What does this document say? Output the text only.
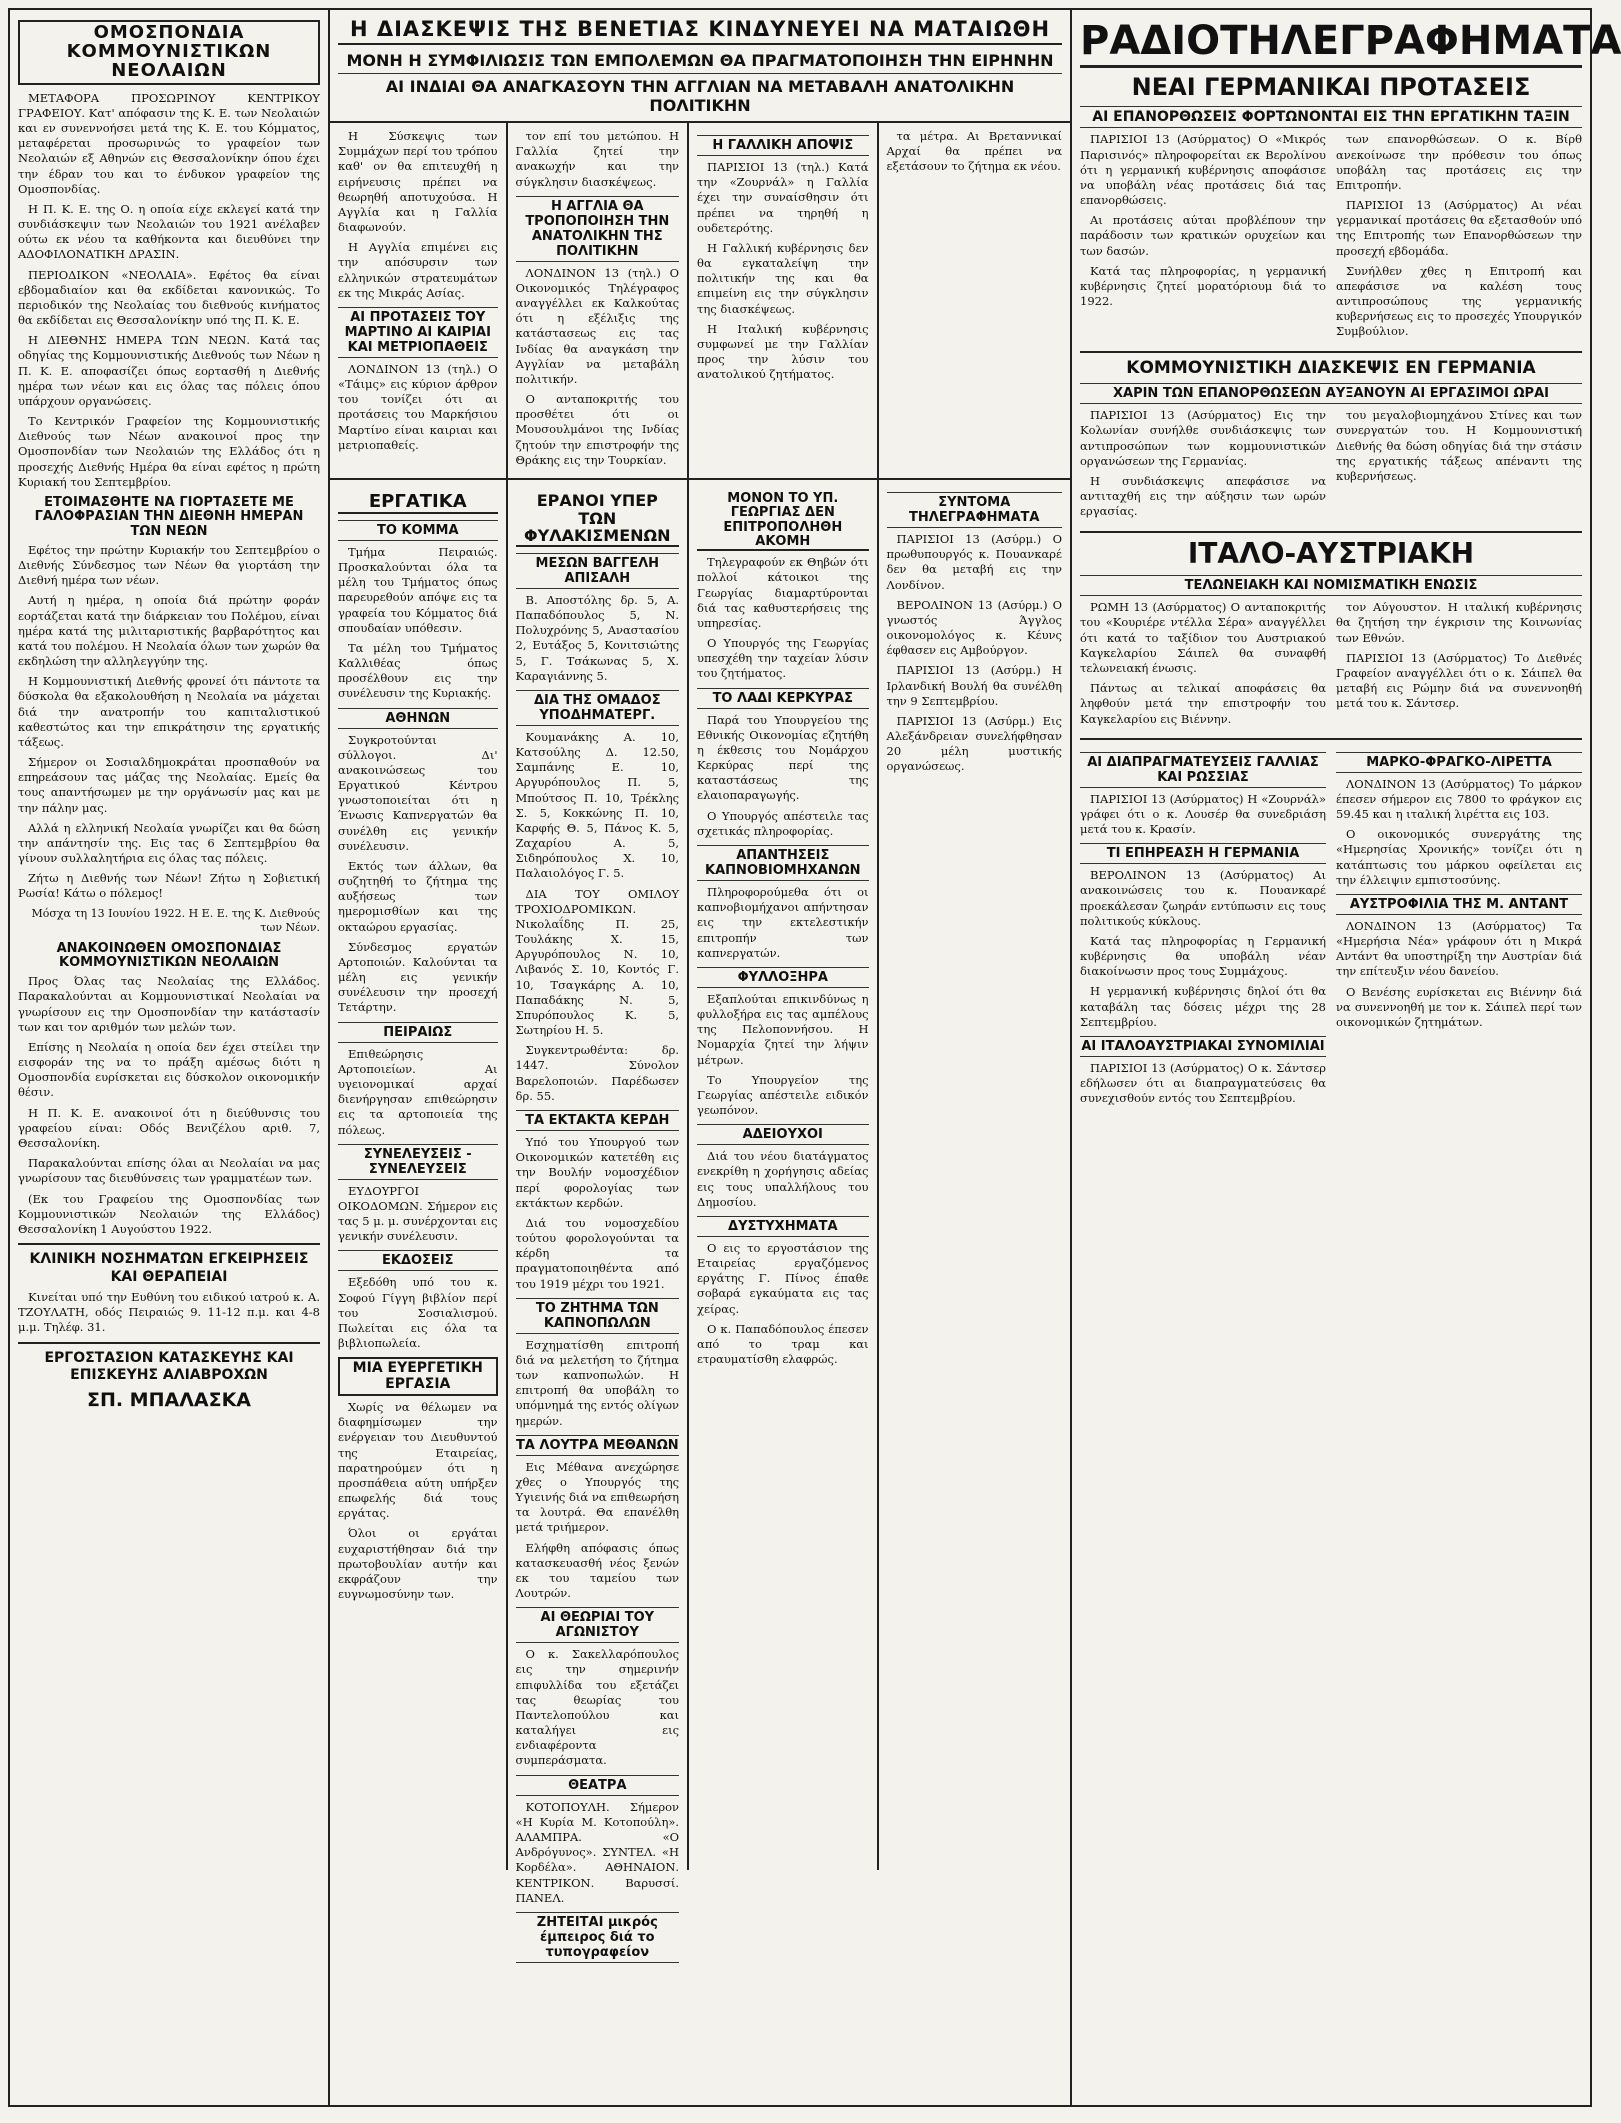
ΟΜΟΣΠΟΝΔΙΑ ΚΟΜΜΟΥΝΙΣΤΙΚΩΝ ΝΕΟΛΑΙΩΝ

ΜΕΤΑΦΟΡΑ ΠΡΟΣΩΡΙΝΟΥ ΚΕΝΤΡΙΚΟΥ ΓΡΑΦΕΙΟΥ. Κατ' απόφασιν της Κ. Ε. των Νεολαιών και εν συνεννοήσει μετά της Κ. Ε. του Κόμματος, μεταφέρεται προσωρινώς το γραφείον των Νεολαιών εξ Αθηνών εις Θεσσαλονίκην όπου έχει την έδραν του και το ένδυκον γραφείον της Ομοσπονδίας.

Η Π. Κ. Ε. της Ο. η οποία είχε εκλεγεί κατά την συνδιάσκεψιν των Νεολαιών του 1921 ανέλαβεν ούτω εκ νέου τα καθήκοντα και διευθύνει την ΑΔΟΦΙΛΟΝΑΤΙΚΗ ΔΡΑΣΙΝ.

ΠΕΡΙΟΔΙΚΟΝ «ΝΕΟΛΑΙΑ». Εφέτος θα είναι εβδομαδιαίον και θα εκδίδεται κανονικώς. Το περιοδικόν της Νεολαίας του διεθνούς κινήματος θα εκδίδεται εις Θεσσαλονίκην υπό της Π. Κ. Ε.

Η ΔΙΕΘΝΗΣ ΗΜΕΡΑ ΤΩΝ ΝΕΩΝ. Κατά τας οδηγίας της Κομμουνιστικής Διεθνούς των Νέων η Π. Κ. Ε. αποφασίζει όπως εορτασθή η Διεθνής ημέρα των νέων και εις όλας τας πόλεις όπου υπάρχουν οργανώσεις.

Το Κεντρικόν Γραφείον της Κομμουνιστικής Διεθνούς των Νέων ανακοινοί προς την Ομοσπονδίαν των Νεολαιών της Ελλάδος ότι η προσεχής Διεθνής Ημέρα θα είναι εφέτος η πρώτη Κυριακή του Σεπτεμβρίου.

ΕΤΟΙΜΑΣΘΗΤΕ ΝΑ ΓΙΟΡΤΑΣΕΤΕ ΜΕ ΓΑΛΟΦΡΑΣΙΑΝ ΤΗΝ ΔΙΕΘΝΗ ΗΜΕΡΑΝ ΤΩΝ ΝΕΩΝ

Εφέτος την πρώτην Κυριακήν του Σεπτεμβρίου ο Διεθνής Σύνδεσμος των Νέων θα γιορτάση την Διεθνή ημέρα των νέων.

Αυτή η ημέρα, η οποία διά πρώτην φοράν εορτάζεται κατά την διάρκειαν του Πολέμου, είναι ημέρα κατά της μιλιταριστικής βαρβαρότητος και κατά του πολέμου. Η Νεολαία όλων των χωρών θα εκδηλώση την αλληλεγγύην της.

Η Κομμουνιστική Διεθνής φρονεί ότι πάντοτε τα δύσκολα θα εξακολουθήση η Νεολαία να μάχεται διά την ανατροπήν του καπιταλιστικού καθεστώτος και την επικράτησιν της εργατικής τάξεως.

Σήμερον οι Σοσιαλδημοκράται προσπαθούν να επηρεάσουν τας μάζας της Νεολαίας. Εμείς θα τους απαντήσωμεν με την οργάνωσίν μας και με την πάλην μας.

Αλλά η ελληνική Νεολαία γνωρίζει και θα δώση την απάντησίν της. Εις τας 6 Σεπτεμβρίου θα γίνουν συλλαλητήρια εις όλας τας πόλεις.

Ζήτω η Διεθνής των Νέων! Ζήτω η Σοβιετική Ρωσία! Κάτω ο πόλεμος!

Μόσχα τη 13 Ιουνίου 1922. Η Ε. Ε. της Κ. Διεθνούς των Νέων.

ΑΝΑΚΟΙΝΩΘΕΝ ΟΜΟΣΠΟΝΔΙΑΣ ΚΟΜΜΟΥΝΙΣΤΙΚΩΝ ΝΕΟΛΑΙΩΝ

Προς Όλας τας Νεολαίας της Ελλάδος. Παρακαλούνται αι Κομμουνιστικαί Νεολαίαι να γνωρίσουν εις την Ομοσπονδίαν την κατάστασίν των και τον αριθμόν των μελών των.

Επίσης η Νεολαία η οποία δεν έχει στείλει την εισφοράν της να το πράξη αμέσως διότι η Ομοσπονδία ευρίσκεται εις δύσκολον οικονομικήν θέσιν.

Η Π. Κ. Ε. ανακοινοί ότι η διεύθυνσις του γραφείου είναι: Οδός Βενιζέλου αριθ. 7, Θεσσαλονίκη.

Παρακαλούνται επίσης όλαι αι Νεολαίαι να μας γνωρίσουν τας διευθύνσεις των γραμματέων των.

(Εκ του Γραφείου της Ομοσπονδίας των Κομμουνιστικών Νεολαιών της Ελλάδος) Θεσσαλονίκη 1 Αυγούστου 1922.

ΚΛΙΝΙΚΗ ΝΟΣΗΜΑΤΩΝ ΕΓΚΕΙΡΗΣΕΙΣ ΚΑΙ ΘΕΡΑΠΕΙΑΙ

Κινείται υπό την Ευθύνη του ειδικού ιατρού κ. Α. ΤΖΟΥΛΑΤΗ, οδός Πειραιώς 9. 11-12 π.μ. και 4-8 μ.μ. Τηλέφ. 31.

ΕΡΓΟΣΤΑΣΙΟΝ ΚΑΤΑΣΚΕΥΗΣ ΚΑΙ ΕΠΙΣΚΕΥΗΣ ΑΛΙΑΒΡΟΧΩΝ
ΣΠ. ΜΠΑΛΑΣΚΑ
Η ΔΙΑΣΚΕΨΙΣ ΤΗΣ ΒΕΝΕΤΙΑΣ ΚΙΝΔΥΝΕΥΕΙ ΝΑ ΜΑΤΑΙΩΘΗ
ΜΟΝΗ Η ΣΥΜΦΙΛΙΩΣΙΣ ΤΩΝ ΕΜΠΟΛΕΜΩΝ ΘΑ ΠΡΑΓΜΑΤΟΠΟΙΗΣΗ ΤΗΝ ΕΙΡΗΝΗΝ
ΑΙ ΙΝΔΙΑΙ ΘΑ ΑΝΑΓΚΑΣΟΥΝ ΤΗΝ ΑΓΓΛΙΑΝ ΝΑ ΜΕΤΑΒΑΛΗ ΑΝΑΤΟΛΙΚΗΝ ΠΟΛΙΤΙΚΗΝ

Η Σύσκεψις των Συμμάχων περί του τρόπου καθ' ον θα επιτευχθή η ειρήνευσις πρέπει να θεωρηθή αποτυχούσα. Η Αγγλία και η Γαλλία διαφωνούν.

Η Αγγλία επιμένει εις την απόσυρσιν των ελληνικών στρατευμάτων εκ της Μικράς Ασίας.

ΑΙ ΠΡΟΤΑΣΕΙΣ ΤΟΥ ΜΑΡΤΙΝΟ ΑΙ ΚΑΙΡΙΑΙ ΚΑΙ ΜΕΤΡΙΟΠΑΘΕΙΣ

ΛΟΝΔΙΝΟΝ 13 (τηλ.) Ο «Τάιμς» εις κύριον άρθρον του τονίζει ότι αι προτάσεις του Μαρκήσιου Μαρτίνο είναι καιριαι και μετριοπαθείς.

τον επί του μετώπου. Η Γαλλία ζητεί την ανακωχήν και την σύγκλησιν διασκέψεως.

Η ΑΓΓΛΙΑ ΘΑ ΤΡΟΠΟΠΟΙΗΣΗ ΤΗΝ ΑΝΑΤΟΛΙΚΗΝ ΤΗΣ ΠΟΛΙΤΙΚΗΝ

ΛΟΝΔΙΝΟΝ 13 (τηλ.) Ο Οικονομικός Τηλέγραφος αναγγέλλει εκ Καλκούτας ότι η εξέλιξις της κατάστασεως εις τας Ινδίας θα αναγκάση την Αγγλίαν να μεταβάλη πολιτικήν.

Ο ανταποκριτής του προσθέτει ότι οι Μουσουλμάνοι της Ινδίας ζητούν την επιστροφήν της Θράκης εις την Τουρκίαν.

Η ΓΑΛΛΙΚΗ ΑΠΟΨΙΣ

ΠΑΡΙΣΙΟΙ 13 (τηλ.) Κατά την «Ζουρνάλ» η Γαλλία έχει την συναίσθησιν ότι πρέπει να τηρηθή η ουδετερότης.

Η Γαλλική κυβέρνησις δεν θα εγκαταλείψη την πολιτικήν της και θα επιμείνη εις την σύγκλησιν της διασκέψεως.

Η Ιταλική κυβέρνησις συμφωνεί με την Γαλλίαν προς την λύσιν του ανατολικού ζητήματος.

τα μέτρα. Αι Βρεταννικαί Αρχαί θα πρέπει να εξετάσουν το ζήτημα εκ νέου.

ΕΡΓΑΤΙΚΑ
ΤΟ ΚΟΜΜΑ

Τμήμα Πειραιώς. Προσκαλούνται όλα τα μέλη του Τμήματος όπως παρευρεθούν απόψε εις τα γραφεία του Κόμματος διά σπουδαίαν υπόθεσιν.

Τα μέλη του Τμήματος Καλλιθέας όπως προσέλθουν εις την συνέλευσιν της Κυριακής.

ΑΘΗΝΩΝ

Συγκροτούνται σύλλογοι. Δι' ανακοινώσεως του Εργατικού Κέντρου γνωστοποιείται ότι η Ένωσις Καπνεργατών θα συνέλθη εις γενικήν συνέλευσιν.

Εκτός των άλλων, θα συζητηθή το ζήτημα της αυξήσεως των ημερομισθίων και της οκταώρου εργασίας.

Σύνδεσμος εργατών Αρτοποιών. Καλούνται τα μέλη εις γενικήν συνέλευσιν την προσεχή Τετάρτην.

ΠΕΙΡΑΙΩΣ

Επιθεώρησις Αρτοποιείων. Αι υγειονομικαί αρχαί διενήργησαν επιθεώρησιν εις τα αρτοποιεία της πόλεως.

ΣΥΝΕΛΕΥΣΕΙΣ - ΣΥΝΕΛΕΥΣΕΙΣ

ΕΥΔΟΥΡΓΟΙ ΟΙΚΟΔΟΜΩΝ. Σήμερον εις τας 5 μ. μ. συνέρχονται εις γενικήν συνέλευσιν.

ΕΚΔΟΣΕΙΣ

Εξεδόθη υπό του κ. Σοφού Γίγγη βιβλίον περί του Σοσιαλισμού. Πωλείται εις όλα τα βιβλιοπωλεία.

ΜΙΑ ΕΥΕΡΓΕΤΙΚΗ ΕΡΓΑΣΙΑ

Χωρίς να θέλωμεν να διαφημίσωμεν την ενέργειαν του Διευθυντού της Εταιρείας, παρατηρούμεν ότι η προσπάθεια αύτη υπήρξεν επωφελής διά τους εργάτας.

Όλοι οι εργάται ευχαριστήθησαν διά την πρωτοβουλίαν αυτήν και εκφράζουν την ευγνωμοσύνην των.

ΕΡΑΝΟΙ ΥΠΕΡ ΤΩΝ ΦΥΛΑΚΙΣΜΕΝΩΝ
ΜΕΣΩΝ ΒΑΓΓΕΛΗ ΑΠΙΣΑΛΗ

Β. Αποστόλης δρ. 5, Α. Παπαδόπουλος 5, Ν. Πολυχρόνης 5, Αναστασίου 2, Ευτάξος 5, Κονιτσιώτης 5, Γ. Τσάκωνας 5, Χ. Καραγιάννης 5.

ΔΙΑ ΤΗΣ ΟΜΑΔΟΣ ΥΠΟΔΗΜΑΤΕΡΓ.

Κουμανάκης Α. 10, Κατσούλης Δ. 12.50, Σαμπάνης Ε. 10, Αργυρόπουλος Π. 5, Μπούτσος Π. 10, Τρέκλης Σ. 5, Κοκκώνης Π. 10, Καρφής Θ. 5, Πάνος Κ. 5, Ζαχαρίου Α. 5, Σιδηρόπουλος Χ. 10, Παλαιολόγος Γ. 5.

ΔΙΑ ΤΟΥ ΟΜΙΛΟΥ ΤΡΟΧΙΟΔΡΟΜΙΚΩΝ. Νικολαΐδης Π. 25, Τουλάκης Χ. 15, Αργυρόπουλος Ν. 10, Λιβανός Σ. 10, Κοντός Γ. 10, Τσαγκάρης Α. 10, Παπαδάκης Ν. 5, Σπυρόπουλος Κ. 5, Σωτηρίου Η. 5.

Συγκεντρωθέντα: δρ. 1447. Σύνολον Βαρελοποιών. Παρέδωσεν δρ. 55.

ΤΑ ΕΚΤΑΚΤΑ ΚΕΡΔΗ

Υπό του Υπουργού των Οικονομικών κατετέθη εις την Βουλήν νομοσχέδιον περί φορολογίας των εκτάκτων κερδών.

Διά του νομοσχεδίου τούτου φορολογούνται τα κέρδη τα πραγματοποιηθέντα από του 1919 μέχρι του 1921.

ΤΟ ΖΗΤΗΜΑ ΤΩΝ ΚΑΠΝΟΠΩΛΩΝ

Εσχηματίσθη επιτροπή διά να μελετήση το ζήτημα των καπνοπωλών. Η επιτροπή θα υποβάλη το υπόμνημά της εντός ολίγων ημερών.

ΤΑ ΛΟΥΤΡΑ ΜΕΘΑΝΩΝ

Εις Μέθανα ανεχώρησε χθες ο Υπουργός της Υγιεινής διά να επιθεωρήση τα λουτρά. Θα επανέλθη μετά τριήμερον.

Ελήφθη απόφασις όπως κατασκευασθή νέος ξενών εκ του ταμείου των Λουτρών.

ΑΙ ΘΕΩΡΙΑΙ ΤΟΥ ΑΓΩΝΙΣΤΟΥ

Ο κ. Σακελλαρόπουλος εις την σημερινήν επιφυλλίδα του εξετάζει τας θεωρίας του Παντελοπούλου και καταλήγει εις ενδιαφέροντα συμπεράσματα.

ΘΕΑΤΡΑ

ΚΟΤΟΠΟΥΛΗ. Σήμερον «Η Κυρία Μ. Κοτοπούλη». ΑΛΑΜΠΡΑ. «Ο Ανδρόγυνος». ΣΥΝΤΕΛ. «Η Κορδέλα». ΑΘΗΝΑΙΟΝ. ΚΕΝΤΡΙΚΟΝ. Βαρυσσί. ΠΑΝΕΛ.

ΖΗΤΕΙΤΑΙ μικρός έμπειρος διά το τυπογραφείον
ΜΟΝΟΝ ΤΟ ΥΠ. ΓΕΩΡΓΙΑΣ ΔΕΝ ΕΠΙΤΡΟΠΟΛΗΘΗ ΑΚΟΜΗ

Τηλεγραφούν εκ Θηβών ότι πολλοί κάτοικοι της Γεωργίας διαμαρτύρονται διά τας καθυστερήσεις της υπηρεσίας.

Ο Υπουργός της Γεωργίας υπεσχέθη την ταχείαν λύσιν του ζητήματος.

ΤΟ ΛΑΔΙ ΚΕΡΚΥΡΑΣ

Παρά του Υπουργείου της Εθνικής Οικονομίας εζητήθη η έκθεσις του Νομάρχου Κερκύρας περί της καταστάσεως της ελαιοπαραγωγής.

Ο Υπουργός απέστειλε τας σχετικάς πληροφορίας.

ΑΠΑΝΤΗΣΕΙΣ ΚΑΠΝΟΒΙΟΜΗΧΑΝΩΝ

Πληροφορούμεθα ότι οι καπνοβιομήχανοι απήντησαν εις την εκτελεστικήν επιτροπήν των καπνεργατών.

ΦΥΛΛΟΞΗΡΑ

Εξαπλούται επικινδύνως η φυλλοξήρα εις τας αμπέλους της Πελοποννήσου. Η Νομαρχία ζητεί την λήψιν μέτρων.

Το Υπουργείον της Γεωργίας απέστειλε ειδικόν γεωπόνον.

ΑΔΕΙΟΥΧΟΙ

Διά του νέου διατάγματος ενεκρίθη η χορήγησις αδείας εις τους υπαλλήλους του Δημοσίου.

ΔΥΣΤΥΧΗΜΑΤΑ

Ο εις το εργοστάσιον της Εταιρείας εργαζόμενος εργάτης Γ. Πίνος έπαθε σοβαρά εγκαύματα εις τας χείρας.

Ο κ. Παπαδόπουλος έπεσεν από το τραμ και ετραυματίσθη ελαφρώς.

ΣΥΝΤΟΜΑ ΤΗΛΕΓΡΑΦΗΜΑΤΑ

ΠΑΡΙΣΙΟΙ 13 (Ασύρμ.) Ο πρωθυπουργός κ. Πουανκαρέ δεν θα μεταβή εις την Λονδίνον.

ΒΕΡΟΛΙΝΟΝ 13 (Ασύρμ.) Ο γνωστός Άγγλος οικονομολόγος κ. Κέυνς έφθασεν εις Αμβούργον.

ΠΑΡΙΣΙΟΙ 13 (Ασύρμ.) Η Ιρλανδική Βουλή θα συνέλθη την 9 Σεπτεμβρίου.

ΠΑΡΙΣΙΟΙ 13 (Ασύρμ.) Εις Αλεξάνδρειαν συνελήφθησαν 20 μέλη μυστικής οργανώσεως.

ΡΑΔΙΟΤΗΛΕΓΡΑΦΗΜΑΤΑ
ΝΕΑΙ ΓΕΡΜΑΝΙΚΑΙ ΠΡΟΤΑΣΕΙΣ
ΑΙ ΕΠΑΝΟΡΘΩΣΕΙΣ ΦΟΡΤΩΝΟΝΤΑΙ ΕΙΣ ΤΗΝ ΕΡΓΑΤΙΚΗΝ ΤΑΞΙΝ

ΠΑΡΙΣΙΟΙ 13 (Ασύρματος) Ο «Μικρός Παρισινός» πληροφορείται εκ Βερολίνου ότι η γερμανική κυβέρνησις αποφάσισε να υποβάλη νέας προτάσεις διά τας επανορθώσεις.

Αι προτάσεις αύται προβλέπουν την παράδοσιν των κρατικών ορυχείων και των δασών.

Κατά τας πληροφορίας, η γερμανική κυβέρνησις ζητεί μορατόριουμ διά το 1922.

των επανορθώσεων. Ο κ. Βίρθ ανεκοίνωσε την πρόθεσιν του όπως υποβάλη τας προτάσεις εις την Επιτροπήν.

ΠΑΡΙΣΙΟΙ 13 (Ασύρματος) Αι νέαι γερμανικαί προτάσεις θα εξετασθούν υπό της Επιτροπής των Επανορθώσεων την προσεχή εβδομάδα.

Συνήλθεν χθες η Επιτροπή και απεφάσισε να καλέση τους αντιπροσώπους της γερμανικής κυβερνήσεως εις το προσεχές Υπουργικόν Συμβούλιον.

ΚΟΜΜΟΥΝΙΣΤΙΚΗ ΔΙΑΣΚΕΨΙΣ ΕΝ ΓΕΡΜΑΝΙΑ
ΧΑΡΙΝ ΤΩΝ ΕΠΑΝΟΡΘΩΣΕΩΝ ΑΥΞΑΝΟΥΝ ΑΙ ΕΡΓΑΣΙΜΟΙ ΩΡΑΙ

ΠΑΡΙΣΙΟΙ 13 (Ασύρματος) Εις την Κολωνίαν συνήλθε συνδιάσκεψις των αντιπροσώπων των κομμουνιστικών οργανώσεων της Γερμανίας.

Η συνδιάσκεψις απεφάσισε να αντιταχθή εις την αύξησιν των ωρών εργασίας.

του μεγαλοβιομηχάνου Στίνες και των συνεργατών του. Η Κομμουνιστική Διεθνής θα δώση οδηγίας διά την στάσιν της εργατικής τάξεως απέναντι της κυβερνήσεως.

ΙΤΑΛΟ-ΑΥΣΤΡΙΑΚΗ
ΤΕΛΩΝΕΙΑΚΗ ΚΑΙ ΝΟΜΙΣΜΑΤΙΚΗ ΕΝΩΣΙΣ

ΡΩΜΗ 13 (Ασύρματος) Ο ανταποκριτής του «Κουριέρε ντέλλα Σέρα» αναγγέλλει ότι κατά το ταξίδιον του Αυστριακού Καγκελαρίου Σάιπελ θα συναφθή τελωνειακή ένωσις.

Πάντως αι τελικαί αποφάσεις θα ληφθούν μετά την επιστροφήν του Καγκελαρίου εις Βιέννην.

τον Αύγουστον. Η ιταλική κυβέρνησις θα ζητήση την έγκρισιν της Κοινωνίας των Εθνών.

ΠΑΡΙΣΙΟΙ 13 (Ασύρματος) Το Διεθνές Γραφείον αναγγέλλει ότι ο κ. Σάιπελ θα μεταβή εις Ρώμην διά να συνεννοηθή μετά του κ. Σάντσερ.

ΑΙ ΔΙΑΠΡΑΓΜΑΤΕΥΣΕΙΣ ΓΑΛΛΙΑΣ ΚΑΙ ΡΩΣΣΙΑΣ

ΠΑΡΙΣΙΟΙ 13 (Ασύρματος) Η «Ζουρνάλ» γράφει ότι ο κ. Λουσέρ θα συνεδριάση μετά του κ. Κρασίν.

ΤΙ ΕΠΗΡΕΑΣΗ Η ΓΕΡΜΑΝΙΑ

ΒΕΡΟΛΙΝΟΝ 13 (Ασύρματος) Αι ανακοινώσεις του κ. Πουανκαρέ προεκάλεσαν ζωηράν εντύπωσιν εις τους πολιτικούς κύκλους.

Κατά τας πληροφορίας η Γερμανική κυβέρνησις θα υποβάλη νέαν διακοίνωσιν προς τους Συμμάχους.

Η γερμανική κυβέρνησις δηλοί ότι θα καταβάλη τας δόσεις μέχρι της 28 Σεπτεμβρίου.

ΑΙ ΙΤΑΛΟΑΥΣΤΡΙΑΚΑΙ ΣΥΝΟΜΙΛΙΑΙ

ΠΑΡΙΣΙΟΙ 13 (Ασύρματος) Ο κ. Σάντσερ εδήλωσεν ότι αι διαπραγματεύσεις θα συνεχισθούν εντός του Σεπτεμβρίου.

ΜΑΡΚΟ-ΦΡΑΓΚΟ-ΛΙΡΕΤΤΑ

ΛΟΝΔΙΝΟΝ 13 (Ασύρματος) Το μάρκον έπεσεν σήμερον εις 7800 το φράγκον εις 59.45 και η ιταλική λιρέττα εις 103.

Ο οικονομικός συνεργάτης της «Ημερησίας Χρονικής» τονίζει ότι η κατάπτωσις του μάρκου οφείλεται εις την έλλειψιν εμπιστοσύνης.

ΑΥΣΤΡΟΦΙΛΙΑ ΤΗΣ Μ. ΑΝΤΑΝΤ

ΛΟΝΔΙΝΟΝ 13 (Ασύρματος) Τα «Ημερήσια Νέα» γράφουν ότι η Μικρά Αντάντ θα υποστηρίξη την Αυστρίαν διά την επίτευξιν νέου δανείου.

Ο Βενέσης ευρίσκεται εις Βιέννην διά να συνεννοηθή με τον κ. Σάιπελ περί των οικονομικών ζητημάτων.
